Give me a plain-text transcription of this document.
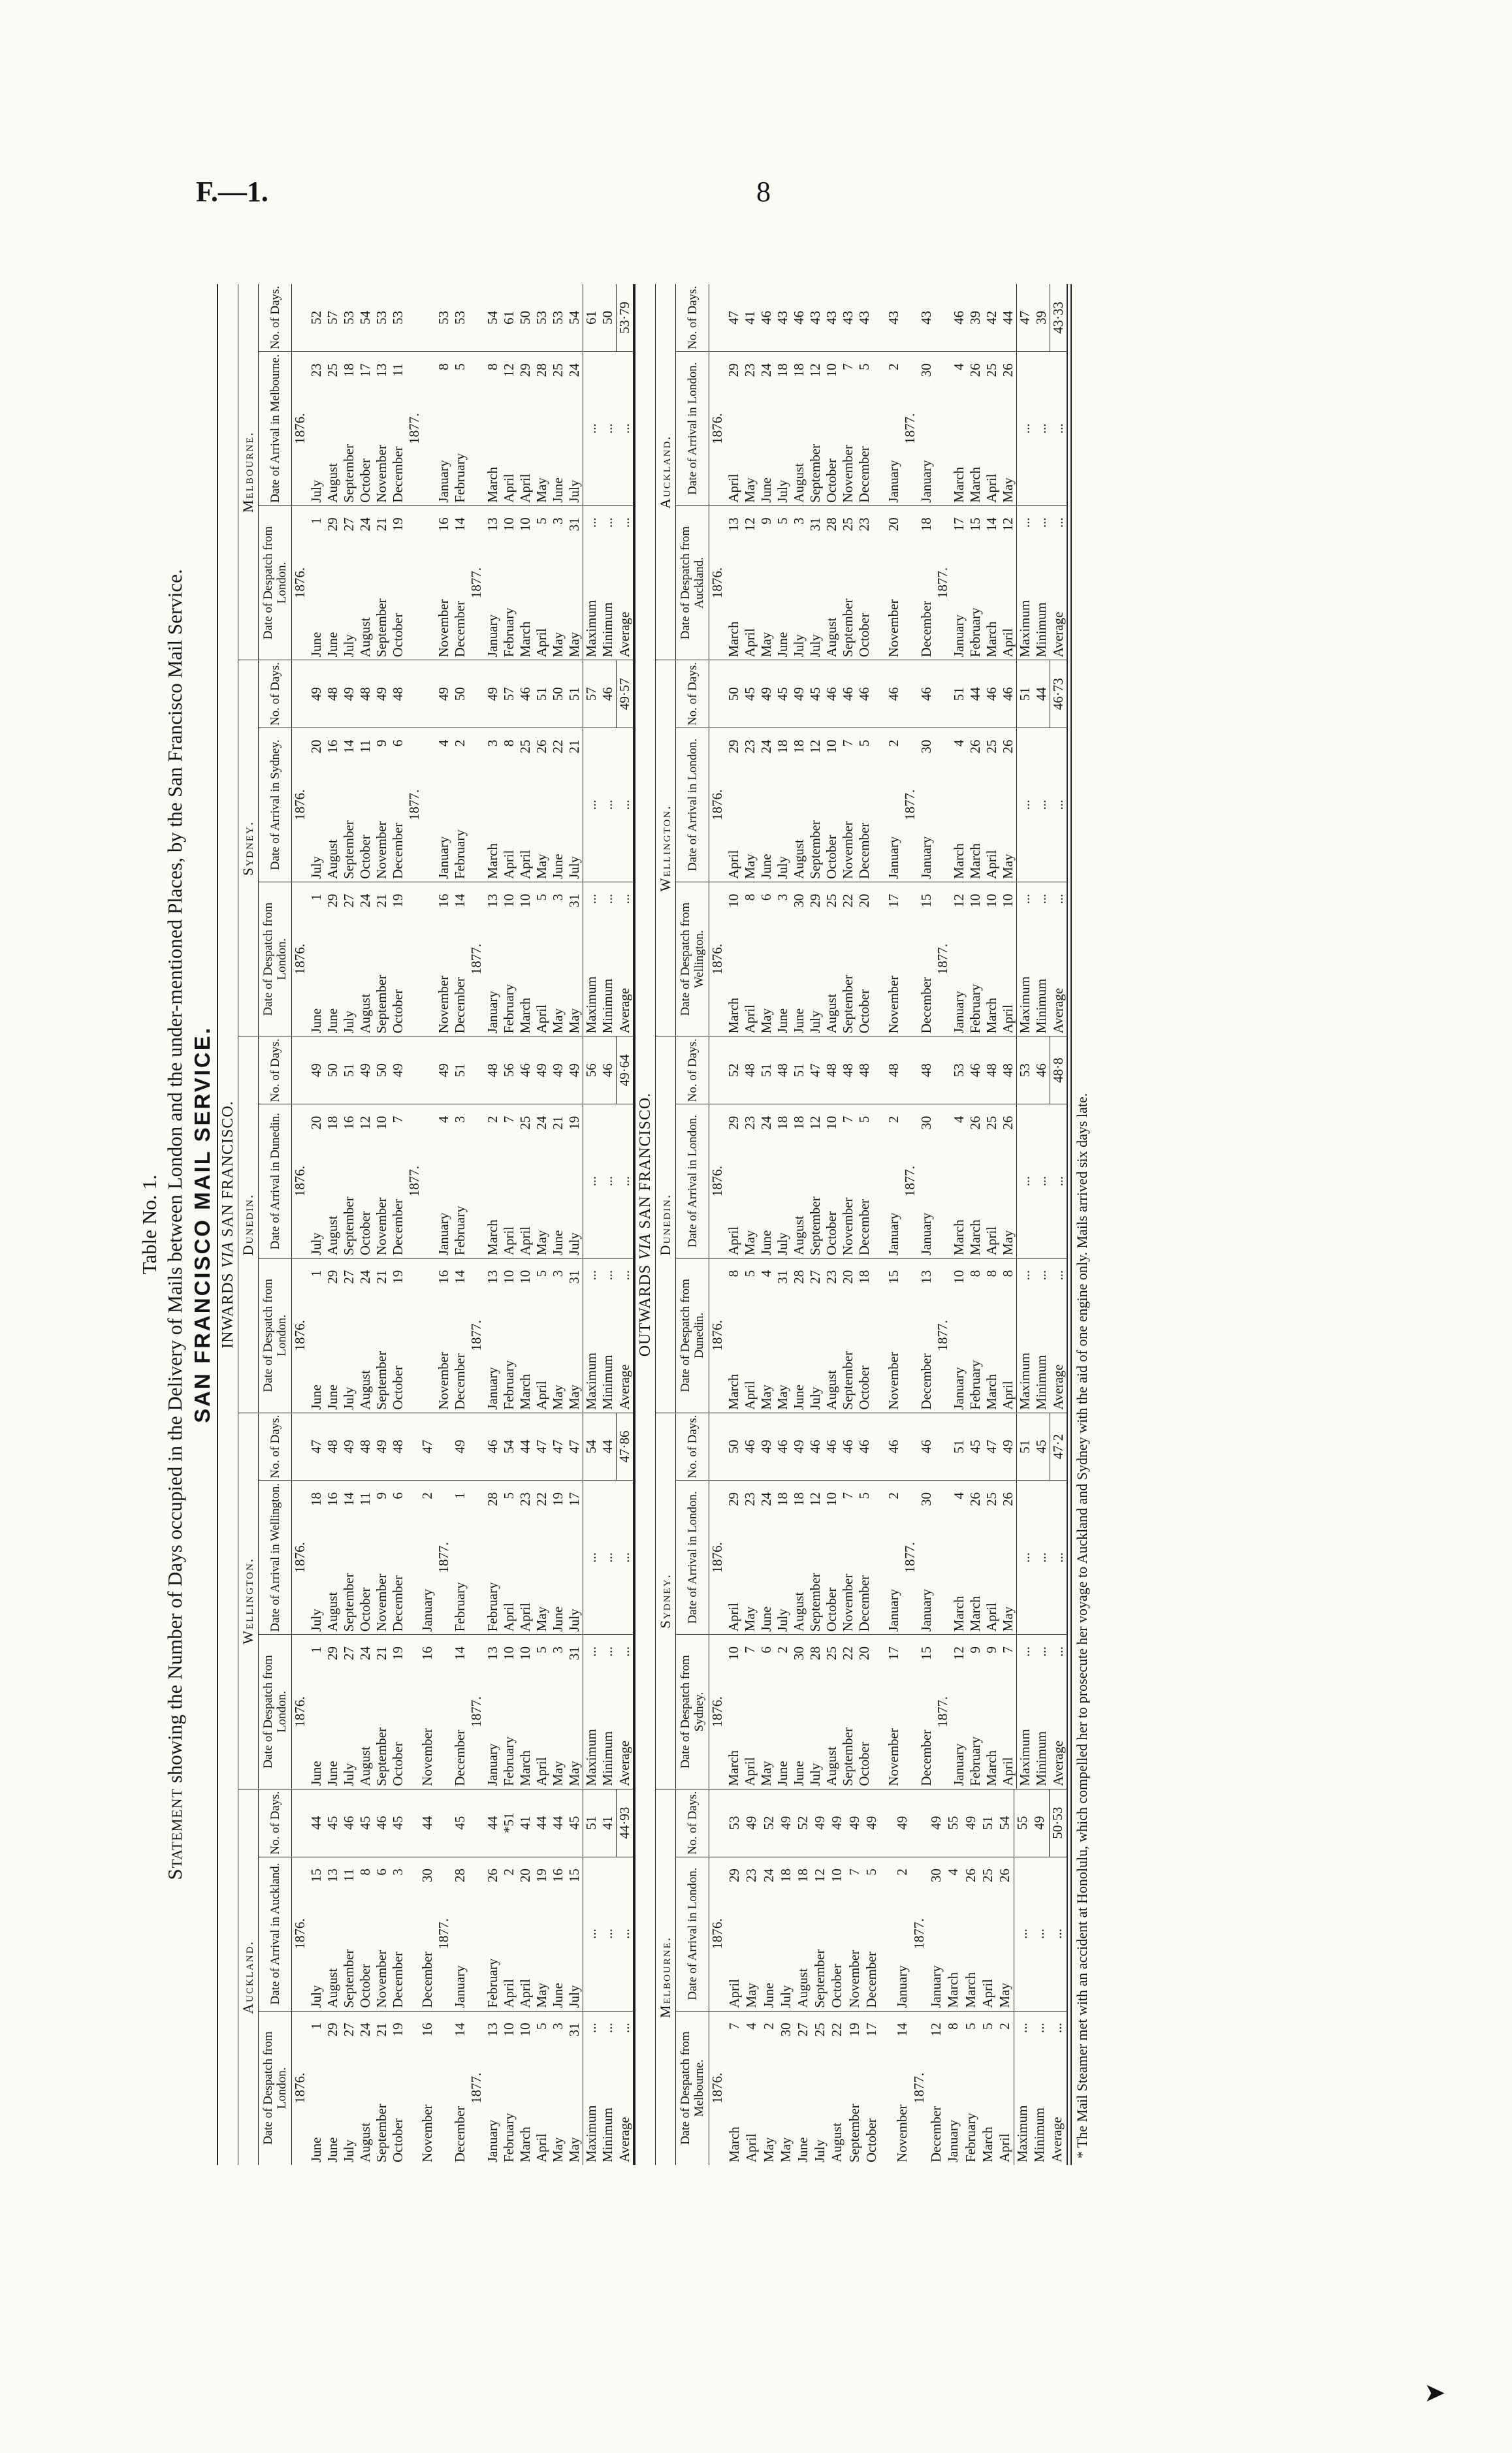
F.—1.	8
Table No. 1.
Statement showing the Number of Days occupied in the Delivery of Mails between London and the under-mentioned Places, by the San Francisco Mail Service. SAN FRANCISCO MAIL SERVICE. INWARDS VIA SAN FRANCISCO.
Auckland.
Date of Despatch from London.	Date of Arrival in Auckland.	No. of Days.
1876.	1876.	
June1	July15	44
June29	August13	45
July27	September11	46
August24	October8	45
September21	November6	46
October19	December3	45

November16	December30	44
	1877.	
December14	January28	45
1877.		
January13	February26	44
February10	April2	*51
March10	April20	41
April5	May19	44
May3	June16	44
May31	July15	45
Maximum...	...	51
Minimum...	...	41
Average...	...	44·93
Wellington.
Date of Despatch from London.	Date of Arrival in Wellington.	No. of Days.
1876.	1876.	
June1	July18	47
June29	August16	48
July27	September14	49
August24	October11	48
September21	November9	49
October19	December6	48

November16	January2	47
	1877.	
December14	February1	49
1877.		
January13	February28	46
February10	April5	54
March10	April23	44
April5	May22	47
May3	June19	47
May31	July17	47
Maximum...	...	54
Minimum...	...	44
Average...	...	47·86
Dunedin.
Date of Despatch from London.	Date of Arrival in Dunedin.	No. of Days.
1876.	1876.	
June1	July20	49
June29	August18	50
July27	September16	51
August24	October12	49
September21	November10	50
October19	December7	49
	1877.	

November16	January4	49
December14	February3	51
1877.		
January13	March2	48
February10	April7	56
March10	April25	46
April5	May24	49
May3	June21	49
May31	July19	49
Maximum...	...	56
Minimum...	...	46
Average...	...	49·64
Sydney.
Date of Despatch from London.	Date of Arrival in Sydney.	No. of Days.
1876.	1876.	
June1	July20	49
June29	August16	48
July27	September14	49
August24	October11	48
September21	November9	49
October19	December6	48
	1877.	

November16	January4	49
December14	February2	50
1877.		
January13	March3	49
February10	April8	57
March10	April25	46
April5	May26	51
May3	June22	50
May31	July21	51
Maximum...	...	57
Minimum...	...	46
Average...	...	49·57
Melbourne.
Date of Despatch from London.	Date of Arrival in Melbourne.	No. of Days.
1876.	1876.	
June1	July23	52
June29	August25	57
July27	September18	53
August24	October17	54
September21	November13	53
October19	December11	53
	1877.	

November16	January8	53
December14	February5	53
1877.		
January13	March8	54
February10	April12	61
March10	April29	50
April5	May28	53
May3	June25	53
May31	July24	54
Maximum...	...	61
Minimum...	...	50
Average...	...	53·79
OUTWARDS VIA SAN FRANCISCO.
Melbourne.
Date of Despatch from Melbourne.	Date of Arrival in London.	No. of Days.
1876.	1876.	
March7	April29	53
April4	May23	49
May2	June24	52
May30	July18	49
June27	August18	52
July25	September12	49
August22	October10	49
September19	November7	49
October17	December5	49

November14	January2	49
1877.	1877.	
December12	January30	49
January8	March4	55
February5	March26	49
March5	April25	51
April2	May26	54
Maximum...	...	55
Minimum...	...	49
Average...	...	50·53
Sydney.
Date of Despatch from Sydney.	Date of Arrival in London.	No. of Days.
1876.	1876.	
March10	April29	50
April7	May23	46
May6	June24	49
June2	July18	46
June30	August18	49
July28	September12	46
August25	October10	46
September22	November7	46
October20	December5	46

November17	January2	46
	1877.	
December15	January30	46
1877.		
January12	March4	51
February9	March26	45
March9	April25	47
April7	May26	49
Maximum...	...	51
Minimum...	...	45
Average...	...	47·2
Dunedin.
Date of Despatch from Dunedin.	Date of Arrival in London.	No. of Days.
1876.	1876.	
March8	April29	52
April5	May23	48
May4	June24	51
May31	July18	48
June28	August18	51
July27	September12	47
August23	October10	48
September20	November7	48
October18	December5	48

November15	January2	48
	1877.	
December13	January30	48
1877.		
January10	March4	53
February8	March26	46
March8	April25	48
April8	May26	48
Maximum...	...	53
Minimum...	...	46
Average...	...	48·8
Wellington.
Date of Despatch from Wellington.	Date of Arrival in London.	No. of Days.
1876.	1876.	
March10	April29	50
April8	May23	45
May6	June24	49
June3	July18	45
June30	August18	49
July29	September12	45
August25	October10	46
September22	November7	46
October20	December5	46

November17	January2	46
	1877.	
December15	January30	46
1877.		
January12	March4	51
February10	March26	44
March10	April25	46
April10	May26	46
Maximum...	...	51
Minimum...	...	44
Average...	...	46·73
Auckland.
Date of Despatch from Auckland.	Date of Arrival in London.	No. of Days.
1876.	1876.	
March13	April29	47
April12	May23	41
May9	June24	46
June5	July18	43
July3	August18	46
July31	September12	43
August28	October10	43
September25	November7	43
October23	December5	43

November20	January2	43
	1877.	
December18	January30	43
1877.		
January17	March4	46
February15	March26	39
March14	April25	42
April12	May26	44
Maximum...	...	47
Minimum...	...	39
Average...	...	43·33
* The Mail Steamer met with an accident at Honolulu, which compelled her to prosecute her voyage to Auckland and Sydney with the aid of one engine only. Mails arrived six days late.
➤
